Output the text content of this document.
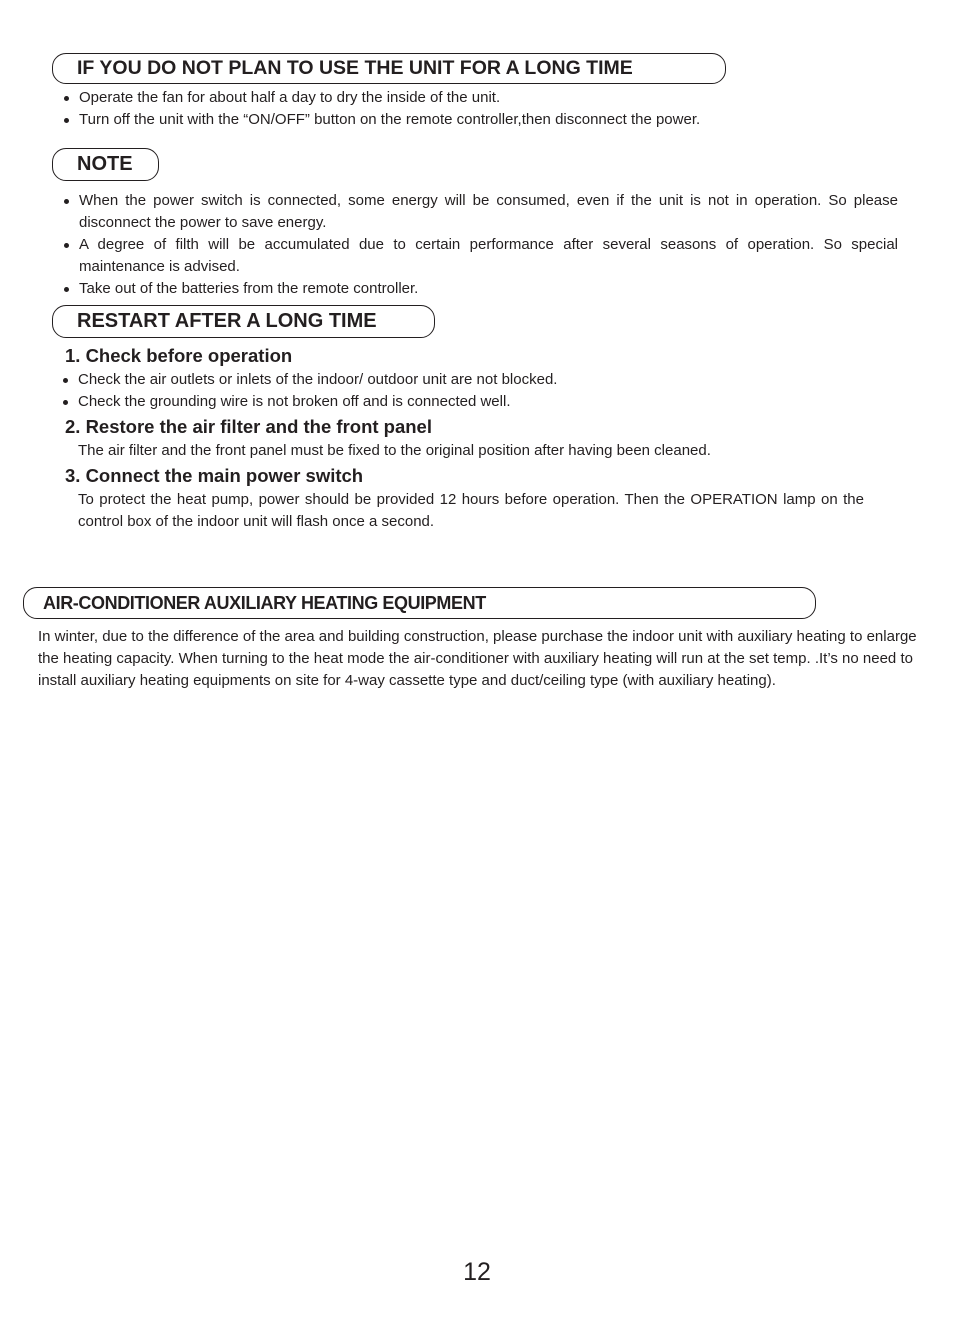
IF YOU DO NOT PLAN TO USE THE UNIT FOR A LONG TIME
Operate the fan for about half a day to dry the inside of the unit.
Turn off the unit with the “ON/OFF” button on the remote controller,then disconnect the power.
NOTE
When the power switch is connected, some energy will be consumed, even if the unit is not in operation. So please disconnect the power to save energy.
A degree of filth will be accumulated due to certain performance after several seasons of operation. So special maintenance is advised.
Take out of the batteries from the remote controller.
RESTART AFTER A LONG TIME
1. Check before operation
Check the air outlets or inlets of the indoor/ outdoor unit are not blocked.
Check the grounding wire is not broken off and is connected well.
2. Restore the air filter and the front panel

The air filter and the front panel must be fixed to the original position after having been cleaned.

3. Connect the main power switch

To protect the heat pump, power should be provided 12 hours before operation. Then the OPERATION lamp on the control box of the indoor unit will flash once a second.

AIR-CONDITIONER AUXILIARY HEATING EQUIPMENT

In winter, due to the difference of the area and building construction, please purchase the indoor unit with auxiliary heating to enlarge the heating capacity. When turning to the heat mode the air-conditioner with auxiliary heating will run at the set temp. .It’s no need to install auxiliary heating equipments on site for 4-way cassette type and duct/ceiling type (with auxiliary heating).

12
